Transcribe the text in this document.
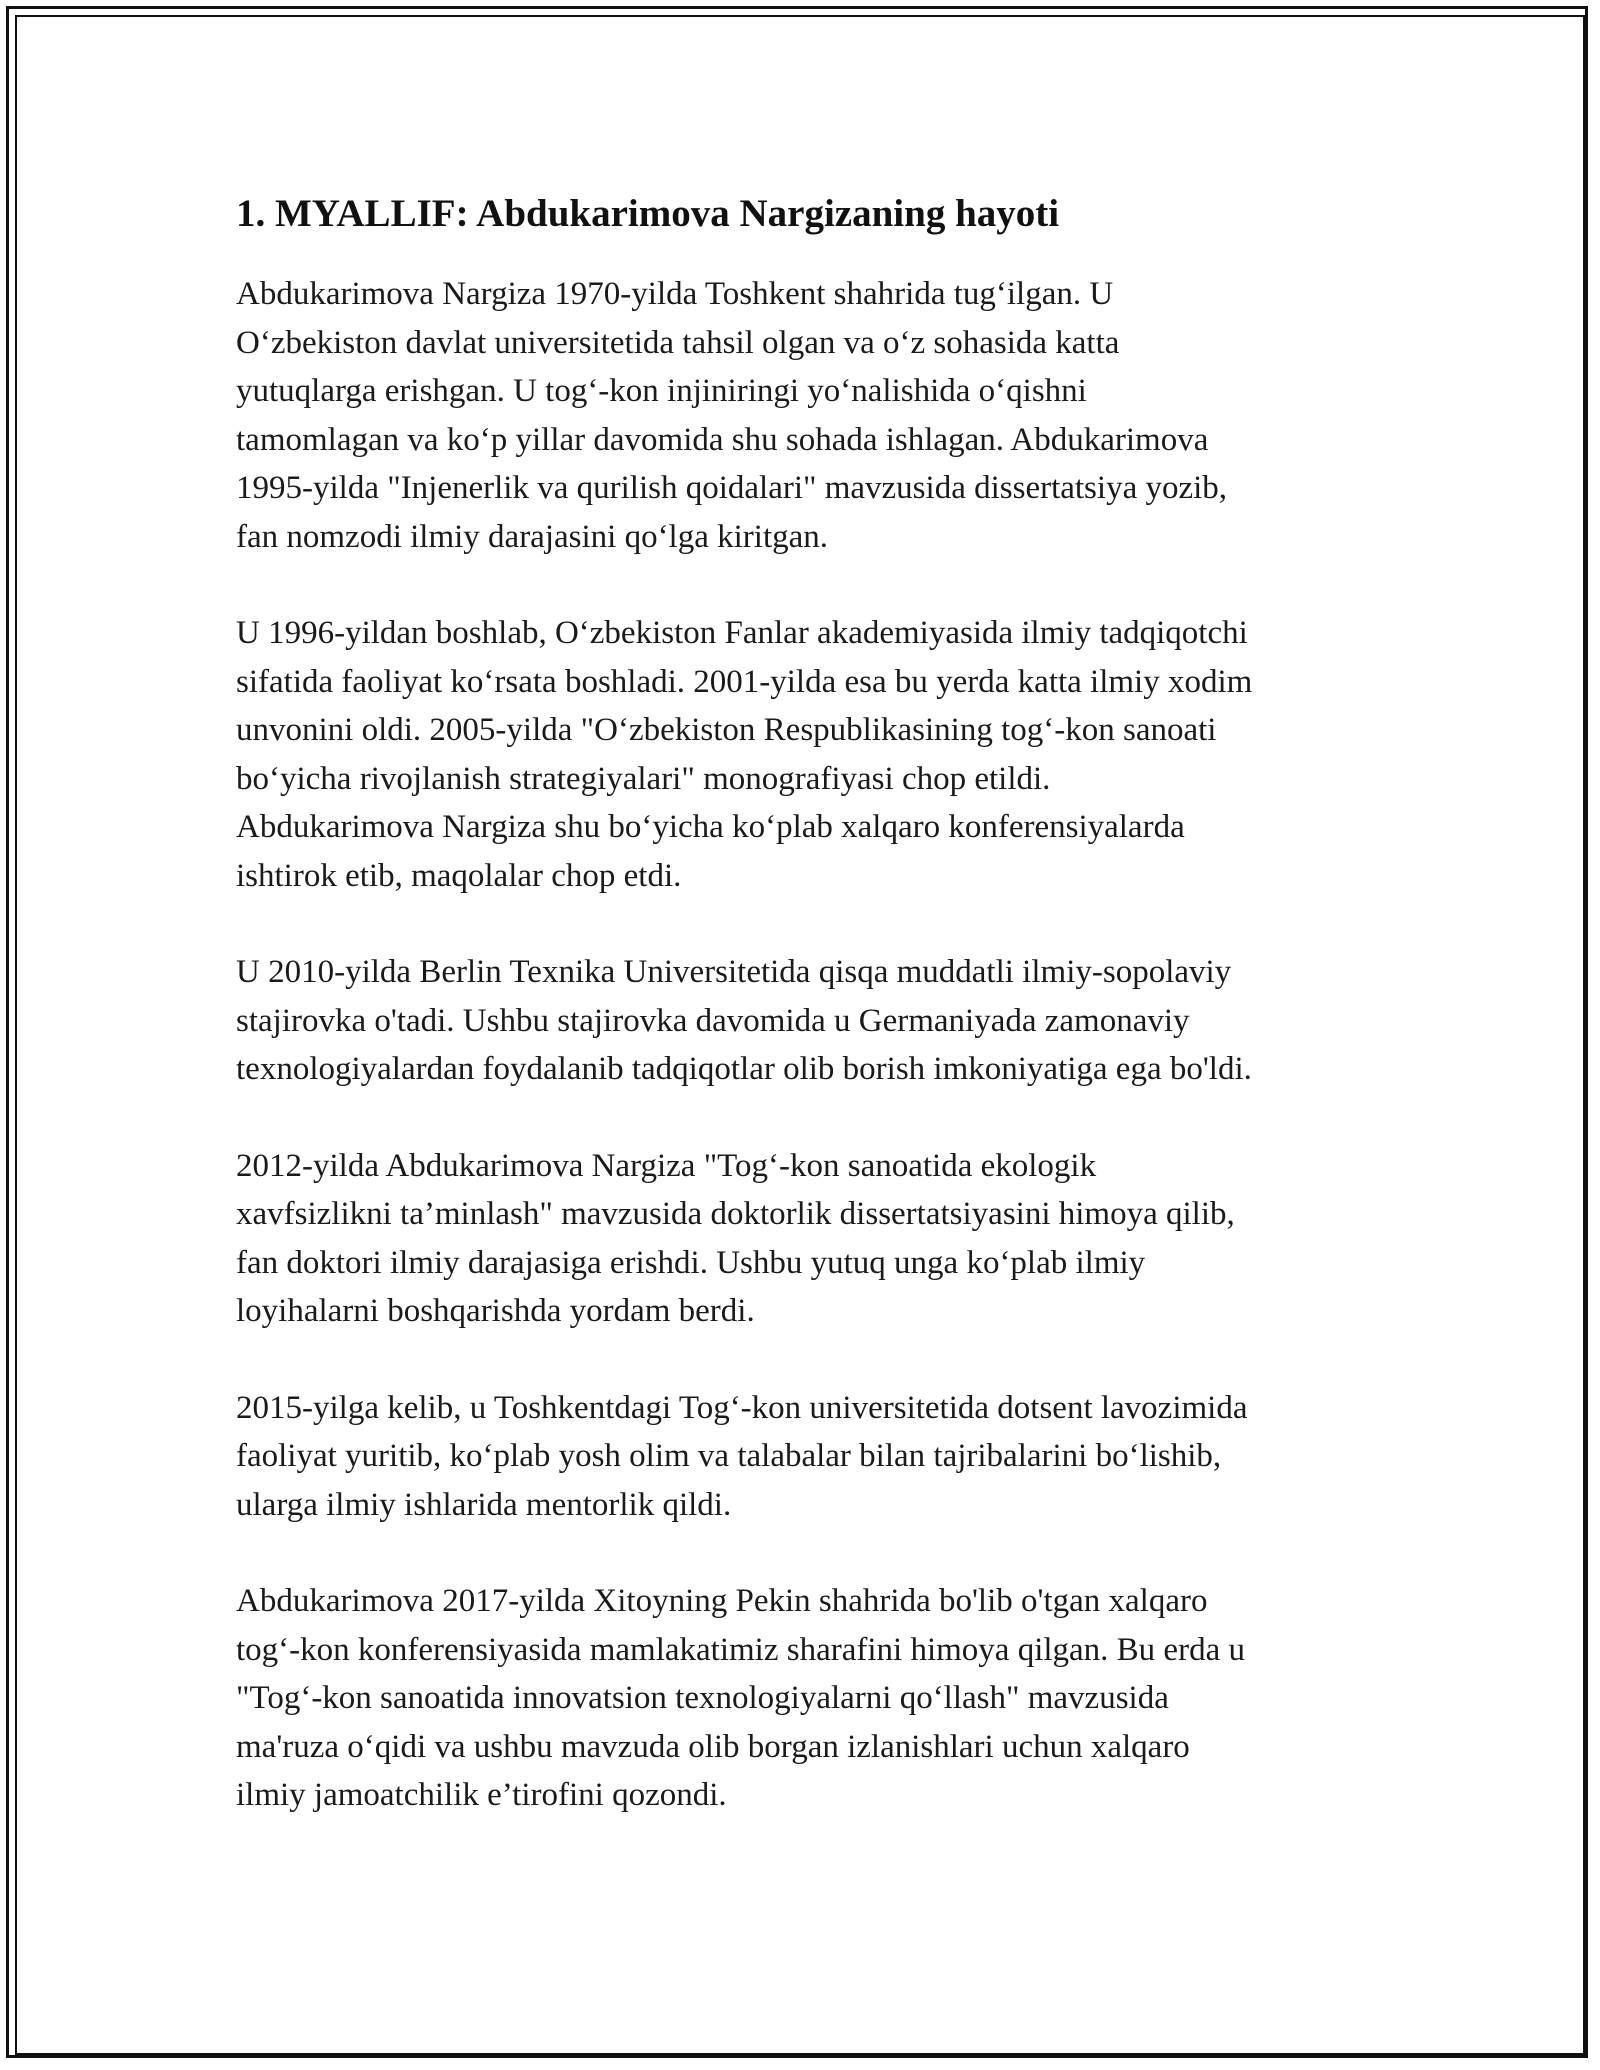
1. MYALLIF: Abdukarimova Nargizaning hayoti

Abdukarimova Nargiza 1970-yilda Toshkent shahrida tug‘ilgan. U
O‘zbekiston davlat universitetida tahsil olgan va o‘z sohasida katta
yutuqlarga erishgan. U tog‘-kon injiniringi yo‘nalishida o‘qishni
tamomlagan va ko‘p yillar davomida shu sohada ishlagan. Abdukarimova
1995-yilda "Injenerlik va qurilish qoidalari" mavzusida dissertatsiya yozib,
fan nomzodi ilmiy darajasini qo‘lga kiritgan.

U 1996-yildan boshlab, O‘zbekiston Fanlar akademiyasida ilmiy tadqiqotchi
sifatida faoliyat ko‘rsata boshladi. 2001-yilda esa bu yerda katta ilmiy xodim
unvonini oldi. 2005-yilda "O‘zbekiston Respublikasining tog‘-kon sanoati
bo‘yicha rivojlanish strategiyalari" monografiyasi chop etildi.
Abdukarimova Nargiza shu bo‘yicha ko‘plab xalqaro konferensiyalarda
ishtirok etib, maqolalar chop etdi.

U 2010-yilda Berlin Texnika Universitetida qisqa muddatli ilmiy-sopolaviy
stajirovka o'tadi. Ushbu stajirovka davomida u Germaniyada zamonaviy
texnologiyalardan foydalanib tadqiqotlar olib borish imkoniyatiga ega bo'ldi.

2012-yilda Abdukarimova Nargiza "Tog‘-kon sanoatida ekologik
xavfsizlikni ta’minlash" mavzusida doktorlik dissertatsiyasini himoya qilib,
fan doktori ilmiy darajasiga erishdi. Ushbu yutuq unga ko‘plab ilmiy
loyihalarni boshqarishda yordam berdi.

2015-yilga kelib, u Toshkentdagi Tog‘-kon universitetida dotsent lavozimida
faoliyat yuritib, ko‘plab yosh olim va talabalar bilan tajribalarini bo‘lishib,
ularga ilmiy ishlarida mentorlik qildi.

Abdukarimova 2017-yilda Xitoyning Pekin shahrida bo'lib o'tgan xalqaro
tog‘-kon konferensiyasida mamlakatimiz sharafini himoya qilgan. Bu erda u
"Tog‘-kon sanoatida innovatsion texnologiyalarni qo‘llash" mavzusida
ma'ruza o‘qidi va ushbu mavzuda olib borgan izlanishlari uchun xalqaro
ilmiy jamoatchilik e’tirofini qozondi.
